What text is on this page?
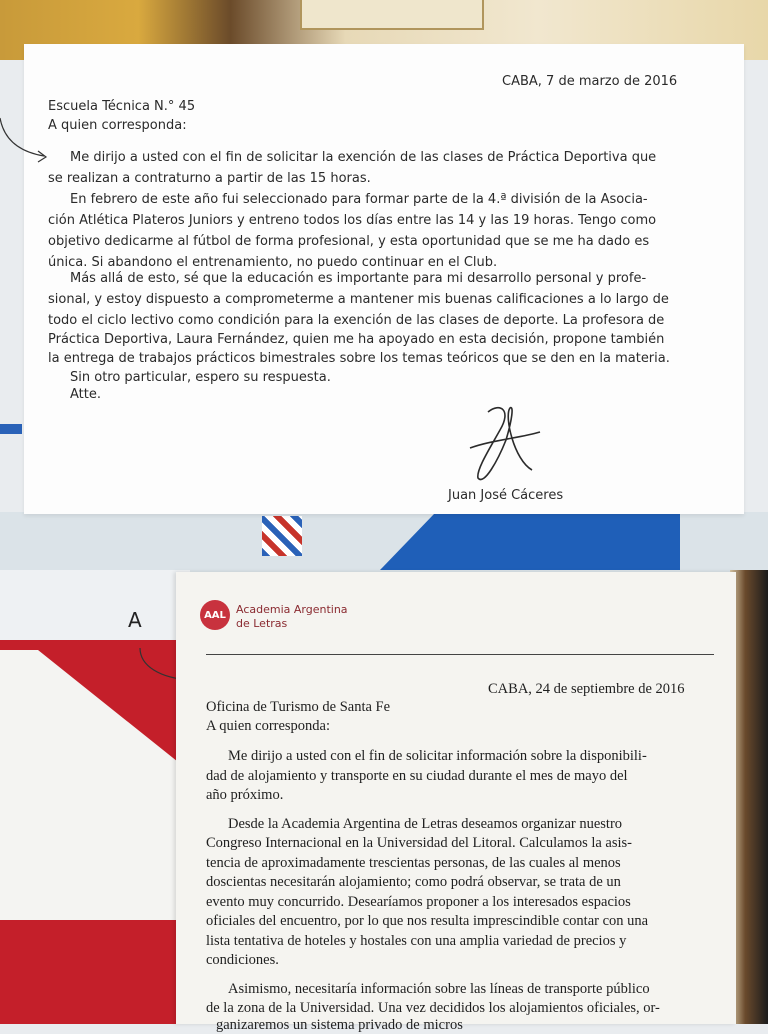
CABA, 7 de marzo de 2016
Escuela Técnica N.° 45
A quien corresponda:
Me dirijo a usted con el fin de solicitar la exención de las clases de Práctica Deportiva que
se realizan a contraturno a partir de las 15 horas.
En febrero de este año fui seleccionado para formar parte de la 4.ª división de la Asocia-
ción Atlética Plateros Juniors y entreno todos los días entre las 14 y las 19 horas. Tengo como
objetivo dedicarme al fútbol de forma profesional, y esta oportunidad que se me ha dado es
única. Si abandono el entrenamiento, no puedo continuar en el Club.
Más allá de esto, sé que la educación es importante para mi desarrollo personal y profe-
sional, y estoy dispuesto a comprometerme a mantener mis buenas calificaciones a lo largo de
todo el ciclo lectivo como condición para la exención de las clases de deporte. La profesora de
Práctica Deportiva, Laura Fernández, quien me ha apoyado en esta decisión, propone también
la entrega de trabajos prácticos bimestrales sobre los temas teóricos que se den en la materia.
Sin otro particular, espero su respuesta.
Atte.
Juan José Cáceres
A	AAL Academia Argentina
de Letras
CABA, 24 de septiembre de 2016
Oficina de Turismo de Santa Fe
A quien corresponda:
Me dirijo a usted con el fin de solicitar información sobre la disponibili-
dad de alojamiento y transporte en su ciudad durante el mes de mayo del
año próximo.
Desde la Academia Argentina de Letras deseamos organizar nuestro
Congreso Internacional en la Universidad del Litoral. Calculamos la asis-
tencia de aproximadamente trescientas personas, de las cuales al menos
doscientas necesitarán alojamiento; como podrá observar, se trata de un
evento muy concurrido. Desearíamos proponer a los interesados espacios
oficiales del encuentro, por lo que nos resulta imprescindible contar con una
lista tentativa de hoteles y hostales con una amplia variedad de precios y
condiciones.
Asimismo, necesitaría información sobre las líneas de transporte público
de la zona de la Universidad. Una vez decididos los alojamientos oficiales, or-
ganizaremos un sistema privado de micros
